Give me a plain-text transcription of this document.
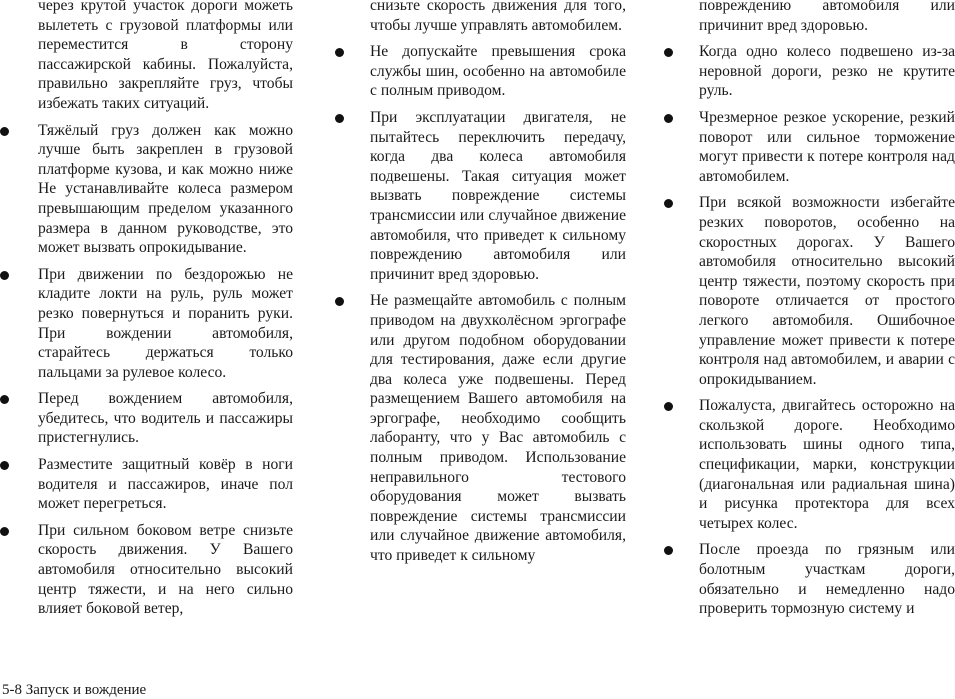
через крутой участок дороги можеть вылететь с грузовой платформы или переместится в сторону пассажирской кабины. Пожалуйста, правильно закрепляйте груз, чтобы избежать таких ситуаций.

Тяжёлый груз должен как можно лучше быть закреплен в грузовой платформе кузова, и как можно ниже Не устанавливайте колеса размером превышающим пределом указанного размера в данном руководстве, это может вызвать опрокидывание.
При движении по бездорожью не кладите локти на руль, руль может резко повернуться и поранить руки. При вождении автомобиля, старайтесь держаться только пальцами за рулевое колесо.
Перед вождением автомобиля, убедитесь, что водитель и пассажиры пристегнулись.
Разместите защитный ковёр в ноги водителя и пассажиров, иначе пол может перегреться.
При сильном боковом ветре снизьте скорость движения. У Вашего автомобиля относительно высокий центр тяжести, и на него сильно влияет боковой ветер,

снизьте скорость движения для того, чтобы лучше управлять автомобилем.

Не допускайте превышения срока службы шин, особенно на автомобиле с полным приводом.
При эксплуатации двигателя, не пытайтесь переключить передачу, когда два колеса автомобиля подвешены. Такая ситуация может вызвать повреждение системы трансмиссии или случайное движение автомобиля, что приведет к сильному повреждению автомобиля или причинит вред здоровью.
Не размещайте автомобиль с полным приводом на двухколёсном эргографе или другом подобном оборудовании для тестирования, даже если другие два колеса уже подвешены. Перед размещением Вашего автомобиля на эргографе, необходимо сообщить лаборанту, что у Вас автомобиль с полным приводом. Использование неправильного тестового оборудования может вызвать повреждение системы трансмиссии или случайное движение автомобиля, что приведет к сильному

повреждению автомобиля или причинит вред здоровью.

Когда одно колесо подвешено из-за неровной дороги, резко не крутите руль.
Чрезмерное резкое ускорение, резкий поворот или сильное торможение могут привести к потере контроля над автомобилем.
При всякой возможности избегайте резких поворотов, особенно на скоростных дорогах. У Вашего автомобиля относительно высокий центр тяжести, поэтому скорость при повороте отличается от простого легкого автомобиля. Ошибочное управление может привести к потере контроля над автомобилем, и аварии с опрокидыванием.
Пожалуста, двигайтесь осторожно на скользкой дороге. Необходимо использовать шины одного типа, спецификации, марки, конструкции (диагональная или радиальная шина) и рисунка протектора для всех четырех колес.
После проезда по грязным или болотным участкам дороги, обязательно и немедленно надо проверить тормозную систему и
5-8 Запуск и вождение
